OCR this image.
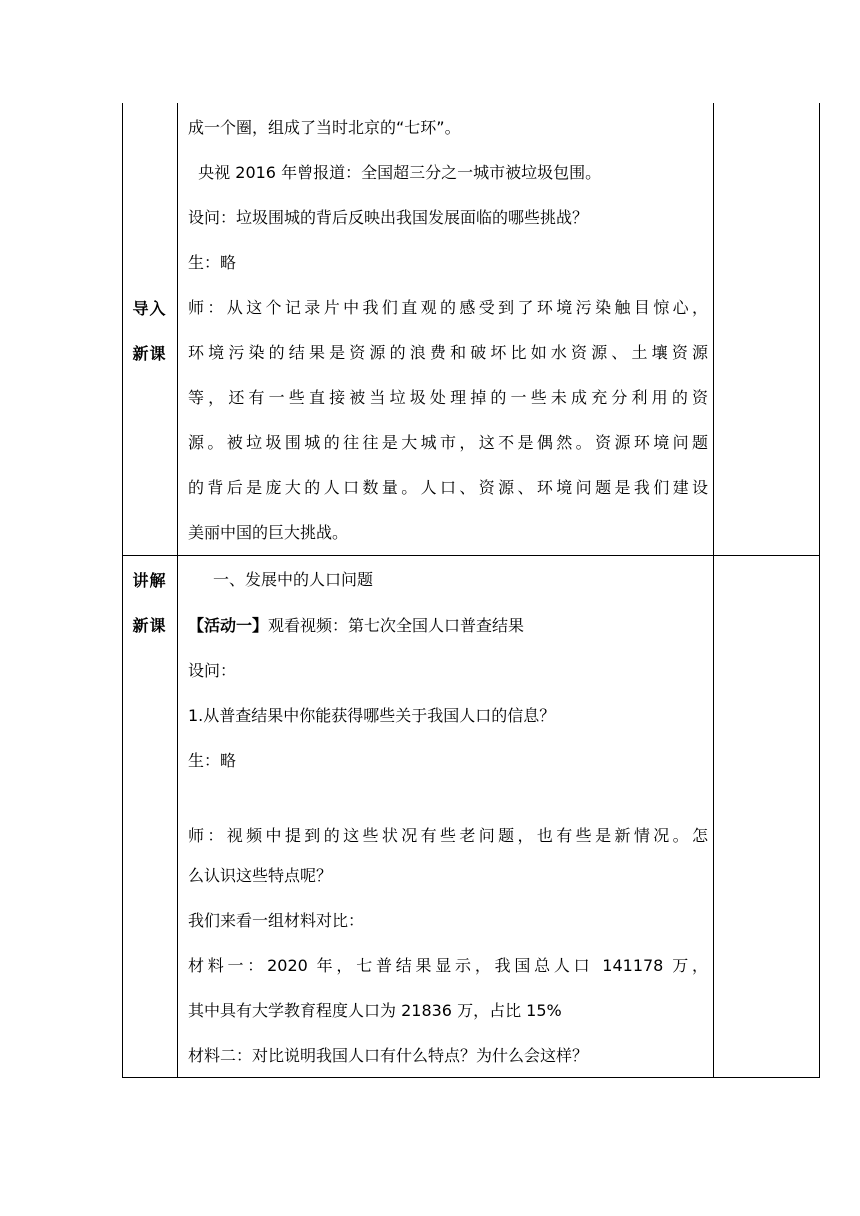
导入
新课
成一个圈，组成了当时北京的“七环”。
央视 2016 年曾报道：全国超三分之一城市被垃圾包围。
设问：垃圾围城的背后反映出我国发展面临的哪些挑战？
生：略
师：从这个记录片中我们直观的感受到了环境污染触目惊心，
环境污染的结果是资源的浪费和破坏比如水资源、土壤资源
等，还有一些直接被当垃圾处理掉的一些未成充分利用的资
源。被垃圾围城的往往是大城市，这不是偶然。资源环境问题
的背后是庞大的人口数量。人口、资源、环境问题是我们建设
美丽中国的巨大挑战。
讲解
新课
一、发展中的人口问题
【活动一】观看视频：第七次全国人口普查结果
设问：
1.从普查结果中你能获得哪些关于我国人口的信息？
生：略
师：视频中提到的这些状况有些老问题，也有些是新情况。怎
么认识这些特点呢？
我们来看一组材料对比：
材料一：2020 年，七普结果显示，我国总人口 141178 万，
其中具有大学教育程度人口为 21836 万，占比 15%
材料二：对比说明我国人口有什么特点？为什么会这样？
